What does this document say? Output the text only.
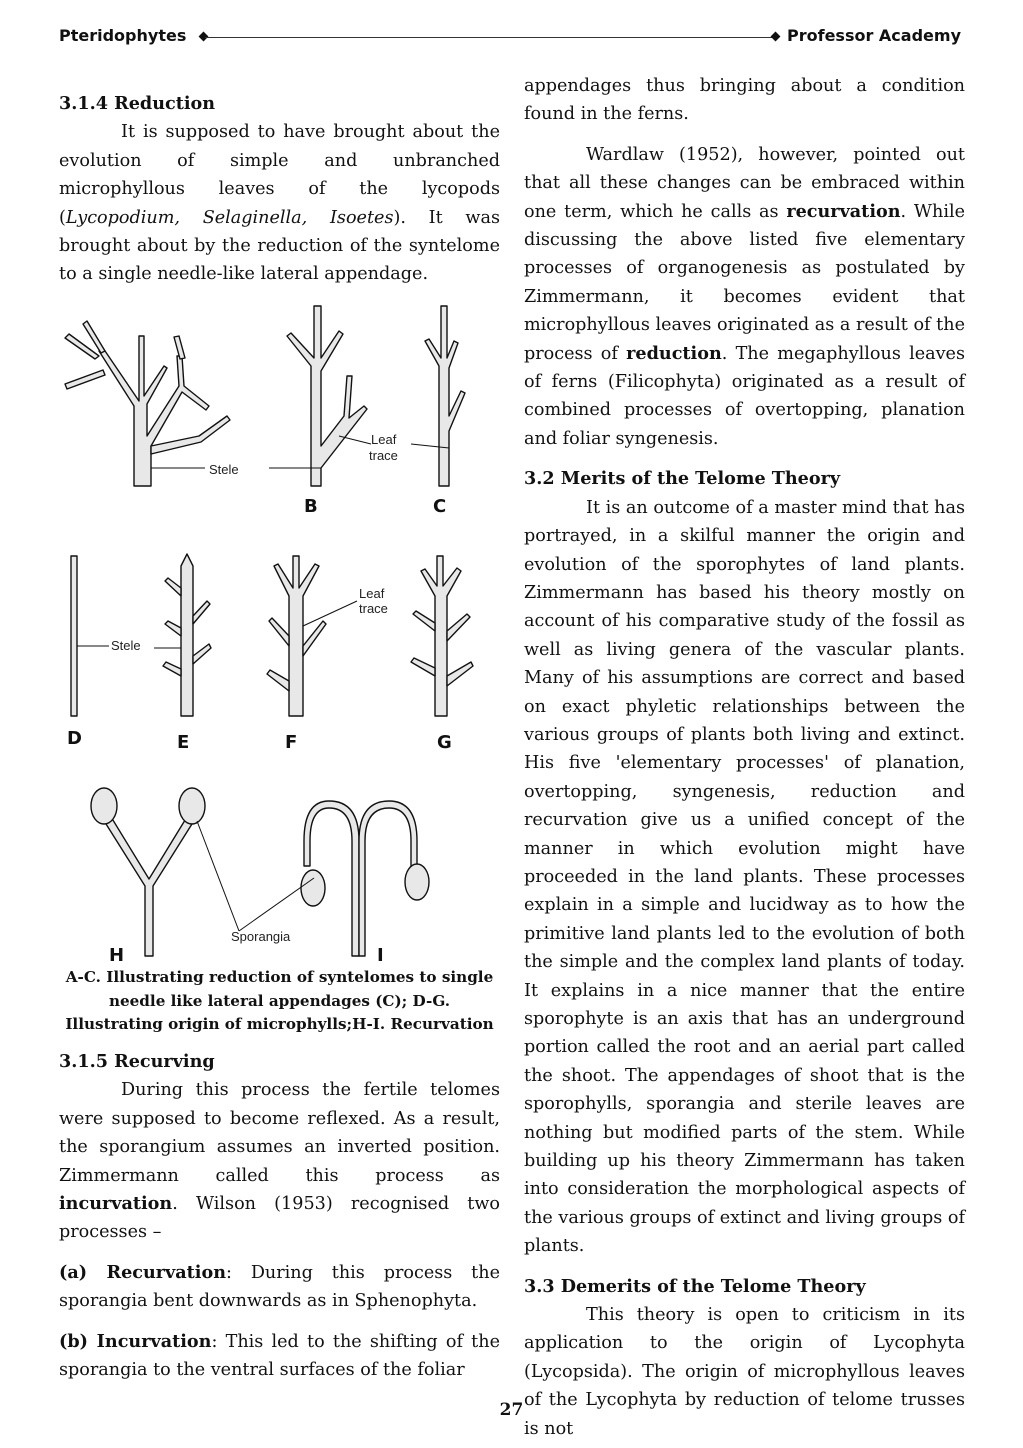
Pteridophytes	Professor Academy
3.1.4 Reduction

It is supposed to have brought about the evolution of simple and unbranched microphyllous leaves of the lycopods (Lycopodium, Selaginella, Isoetes). It was brought about by the reduction of the syntelome to a single needle-like lateral appendage.

Stele
Leaf
trace
Stele
Leaf
trace
Sporangia
B	C
D	E	F	G
H	I
A-C. Illustrating reduction of syntelomes to single needle like lateral appendages (C); D-G. Illustrating origin of microphylls;H-I. Recurvation
3.1.5 Recurving

During this process the fertile telomes were supposed to become reflexed. As a result, the sporangium assumes an inverted position. Zimmermann called this process as incurvation. Wilson (1953) recognised two processes –

(a) Recurvation: During this process the sporangia bent downwards as in Sphenophyta.

(b) Incurvation: This led to the shifting of the sporangia to the ventral surfaces of the foliar

appendages thus bringing about a condition found in the ferns.

Wardlaw (1952), however, pointed out that all these changes can be embraced within one term, which he calls as recurvation. While discussing the above listed five elementary processes of organogenesis as postulated by Zimmermann, it becomes evident that microphyllous leaves originated as a result of the process of reduction. The megaphyllous leaves of ferns (Filicophyta) originated as a result of combined processes of overtopping, planation and foliar syngenesis.

3.2 Merits of the Telome Theory

It is an outcome of a master mind that has portrayed, in a skilful manner the origin and evolution of the sporophytes of land plants. Zimmermann has based his theory mostly on account of his comparative study of the fossil as well as living genera of the vascular plants. Many of his assumptions are correct and based on exact phyletic relationships between the various groups of plants both living and extinct. His five 'elementary processes' of planation, overtopping, syngenesis, reduction and recurvation give us a unified concept of the manner in which evolution might have proceeded in the land plants. These processes explain in a simple and lucidway as to how the primitive land plants led to the evolution of both the simple and the complex land plants of today. It explains in a nice manner that the entire sporophyte is an axis that has an underground portion called the root and an aerial part called the shoot. The appendages of shoot that is the sporophylls, sporangia and sterile leaves are nothing but modified parts of the stem. While building up his theory Zimmermann has taken into consideration the morphological aspects of the various groups of extinct and living groups of plants.

3.3 Demerits of the Telome Theory

This theory is open to criticism in its application to the origin of Lycophyta (Lycopsida). The origin of microphyllous leaves of the Lycophyta by reduction of telome trusses is not

27
